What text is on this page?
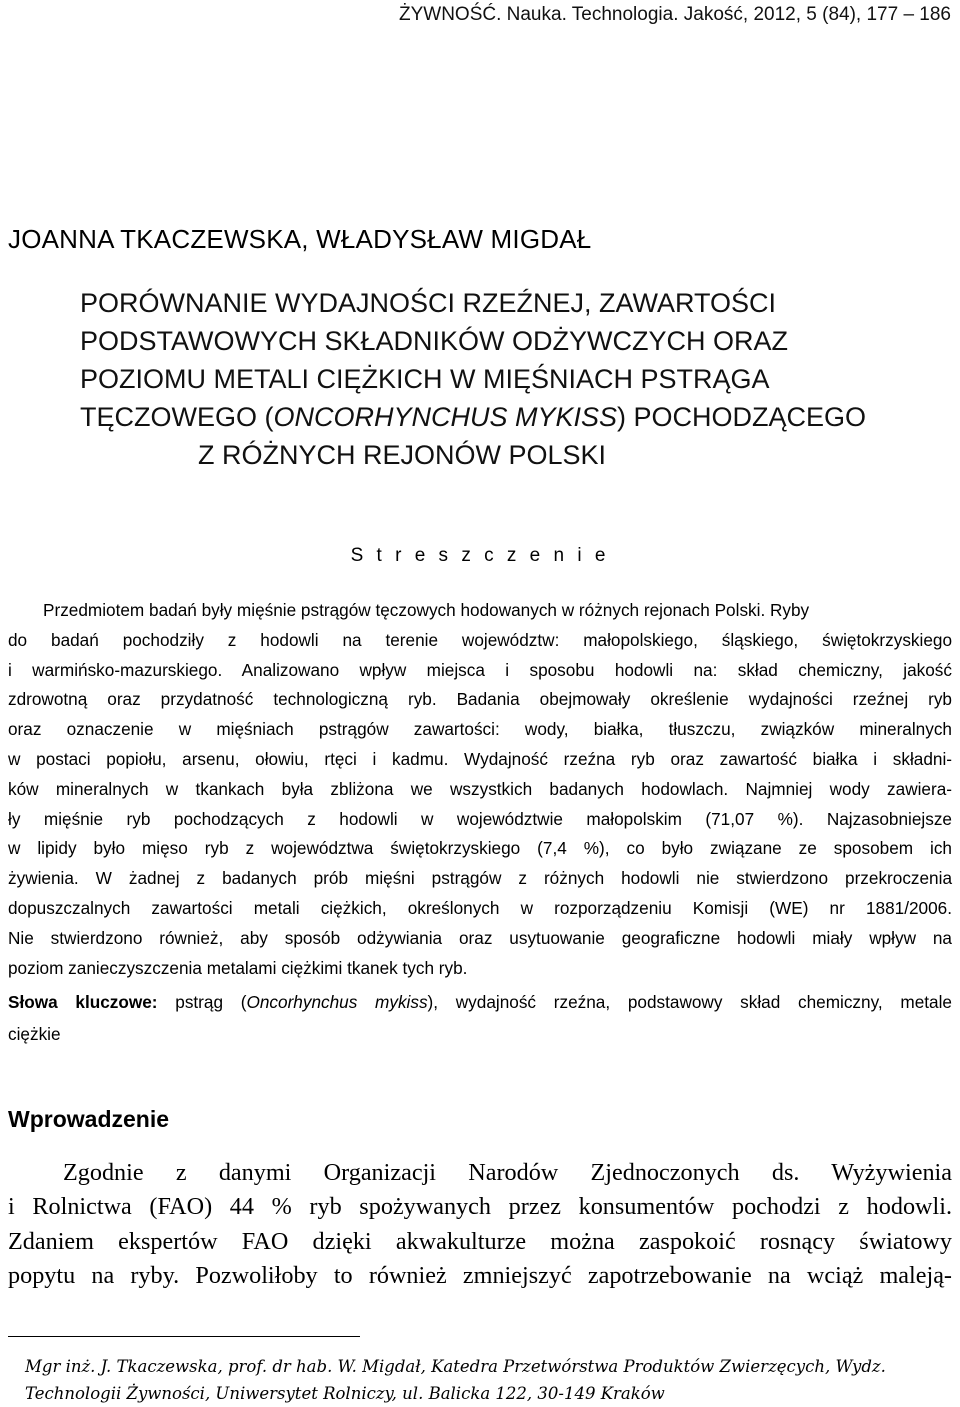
ŻYWNOŚĆ. Nauka. Technologia. Jakość, 2012, 5 (84), 177 – 186
JOANNA TKACZEWSKA, WŁADYSŁAW MIGDAŁ
PORÓWNANIE WYDAJNOŚCI RZEŹNEJ, ZAWARTOŚCI
PODSTAWOWYCH SKŁADNIKÓW ODŻYWCZYCH ORAZ
POZIOMU METALI CIĘŻKICH W MIĘŚNIACH PSTRĄGA
TĘCZOWEGO (ONCORHYNCHUS MYKISS) POCHODZĄCEGO
Z RÓŻNYCH REJONÓW POLSKI
S t r e s z c z e n i e
Przedmiotem badań były mięśnie pstrągów tęczowych hodowanych w różnych rejonach Polski. Ryby
do badań pochodziły z hodowli na terenie województw: małopolskiego, śląskiego, świętokrzyskiego
i warmińsko-mazurskiego. Analizowano wpływ miejsca i sposobu hodowli na: skład chemiczny, jakość
zdrowotną oraz przydatność technologiczną ryb. Badania obejmowały określenie wydajności rzeźnej ryb
oraz oznaczenie w mięśniach pstrągów zawartości: wody, białka, tłuszczu, związków mineralnych
w postaci popiołu, arsenu, ołowiu, rtęci i kadmu. Wydajność rzeźna ryb oraz zawartość białka i składni-
ków mineralnych w tkankach była zbliżona we wszystkich badanych hodowlach. Najmniej wody zawiera-
ły mięśnie ryb pochodzących z hodowli w województwie małopolskim (71,07 %). Najzasobniejsze
w lipidy było mięso ryb z województwa świętokrzyskiego (7,4 %), co było związane ze sposobem ich
żywienia. W żadnej z badanych prób mięśni pstrągów z różnych hodowli nie stwierdzono przekroczenia
dopuszczalnych zawartości metali ciężkich, określonych w rozporządzeniu Komisji (WE) nr 1881/2006.
Nie stwierdzono również, aby sposób odżywiania oraz usytuowanie geograficzne hodowli miały wpływ na
poziom zanieczyszczenia metalami ciężkimi tkanek tych ryb.
Słowa kluczowe: pstrąg (Oncorhynchus mykiss), wydajność rzeźna, podstawowy skład chemiczny, metale
ciężkie
Wprowadzenie
Zgodnie z danymi Organizacji Narodów Zjednoczonych ds. Wyżywienia
i Rolnictwa (FAO) 44 % ryb spożywanych przez konsumentów pochodzi z hodowli.
Zdaniem ekspertów FAO dzięki akwakulturze można zaspokoić rosnący światowy
popytu na ryby. Pozwoliłoby to również zmniejszyć zapotrzebowanie na wciąż maleją-
Mgr inż. J. Tkaczewska, prof. dr hab. W. Migdał, Katedra Przetwórstwa Produktów Zwierzęcych, Wydz.
Technologii Żywności, Uniwersytet Rolniczy, ul. Balicka 122, 30-149 Kraków
